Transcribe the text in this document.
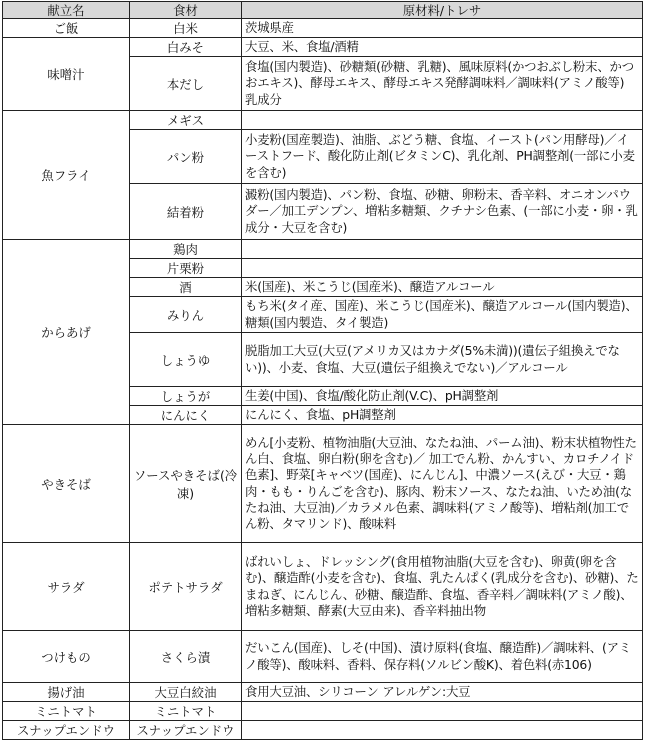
献立名	食材	原材料/トレサ
ご飯	白米	茨城県産
味噌汁	白みそ	大豆、米、食塩/酒精
	本だし	食塩(国内製造)、砂糖類(砂糖、乳糖)、風味原料(かつおぶし粉末、かつおエキス)、酵母エキス、酵母エキス発酵調味料／調味料(アミノ酸等) 乳成分
魚フライ	メギス	
	パン粉	小麦粉(国産製造)、油脂、ぶどう糖、食塩、イースト(パン用酵母)／イーストフード、酸化防止剤(ビタミンC)、乳化剤、PH調整剤(一部に小麦を含む)
	結着粉	澱粉(国内製造)、パン粉、食塩、砂糖、卵粉末、香辛料、オニオンパウダー／加工デンプン、増粘多糖類、クチナシ色素、(一部に小麦・卵・乳成分・大豆を含む)
からあげ	鶏肉	
	片栗粉	
	酒	米(国産)、米こうじ(国産米)、醸造アルコール
	みりん	もち米(タイ産、国産)、米こうじ(国産米)、醸造アルコール(国内製造)、糖類(国内製造、タイ製造)
	しょうゆ	脱脂加工大豆(大豆(アメリカ又はカナダ(5%未満))(遺伝子組換えでない))、小麦、食塩、大豆(遺伝子組換えでない)／アルコール
	しょうが	生姜(中国)、食塩/酸化防止剤(V.C)、pH調整剤
	にんにく	にんにく、食塩、pH調整剤
やきそば	ソースやきそば(冷凍)	めん[小麦粉、植物油脂(大豆油、なたね油、パーム油)、粉末状植物性たん白、食塩、卵白粉(卵を含む)／ 加工でん粉、かんすい、カロチノイド色素]、野菜[キャベツ(国産)、にんじん]、中濃ソース(えび・大豆・鶏肉・もも・りんごを含む)、豚肉、粉末ソース、なたね油、いため油(なたね油、大豆油)／カラメル色素、調味料(アミノ酸等)、増粘剤(加工でん粉、タマリンド)、酸味料
サラダ	ポテトサラダ	ばれいしょ、ドレッシング(食用植物油脂(大豆を含む)、卵黄(卵を含む)、醸造酢(小麦を含む)、食塩、乳たんぱく(乳成分を含む)、砂糖)、たまねぎ、にんじん、砂糖、醸造酢、食塩、香辛料／調味料(アミノ酸)、増粘多糖類、酵素(大豆由来)、香辛料抽出物
つけもの	さくら漬	だいこん(国産)、しそ(中国)、漬け原料(食塩、醸造酢)／調味料、(アミノ酸等)、酸味料、香料、保存料(ソルビン酸K)、着色料(赤106)
揚げ油	大豆白絞油	食用大豆油、シリコーン アレルゲン:大豆
ミニトマト	ミニトマト	
スナップエンドウ	スナップエンドウ	
